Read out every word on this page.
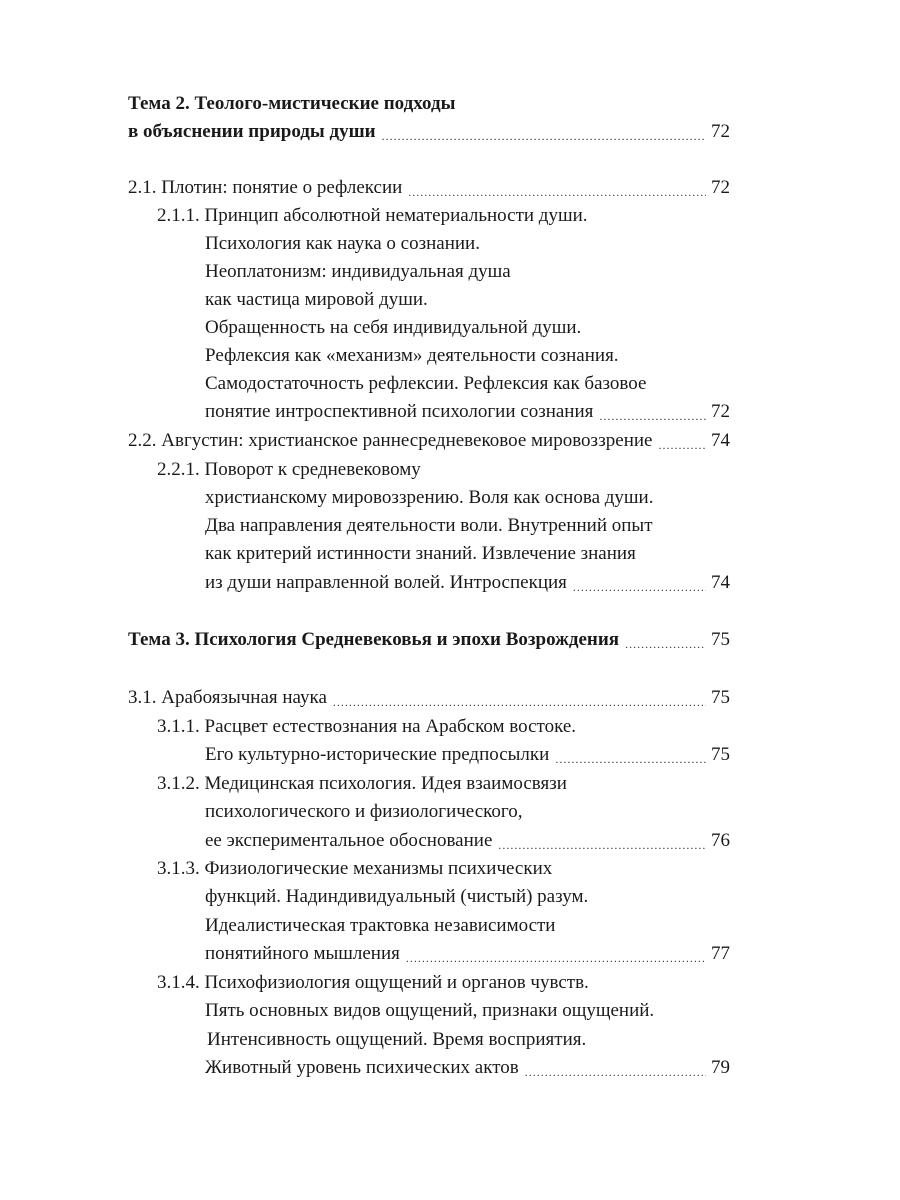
Тема 2. Теолого-мистические подходы
в объяснении природы души .....	72
2.1. Плотин: понятие о рефлексии .....	72
2.1.1. Принцип абсолютной нематериальности души.
Психология как наука о сознании.
Неоплатонизм: индивидуальная душа
как частица мировой души.
Обращенность на себя индивидуальной души.
Рефлексия как «механизм» деятельности сознания.
Самодостаточность рефлексии. Рефлексия как базовое
понятие интроспективной психологии сознания .....	72
2.2. Августин: христианское раннесредневековое мировоззрение .....	74
2.2.1. Поворот к средневековому
христианскому мировоззрению. Воля как основа души.
Два направления деятельности воли. Внутренний опыт
как критерий истинности знаний. Извлечение знания
из души направленной волей. Интроспекция .....	74
Тема 3. Психология Средневековья и эпохи Возрождения .....	75
3.1. Арабоязычная наука .....	75
3.1.1. Расцвет естествознания на Арабском востоке.
Его культурно-исторические предпосылки .....	75
3.1.2. Медицинская психология. Идея взаимосвязи
психологического и физиологического,
ее экспериментальное обоснование .....	76
3.1.3. Физиологические механизмы психических
функций. Надиндивидуальный (чистый) разум.
Идеалистическая трактовка независимости
понятийного мышления .....	77
3.1.4. Психофизиология ощущений и органов чувств.
Пять основных видов ощущений, признаки ощущений.
Интенсивность ощущений. Время восприятия.
Животный уровень психических актов .....	79
